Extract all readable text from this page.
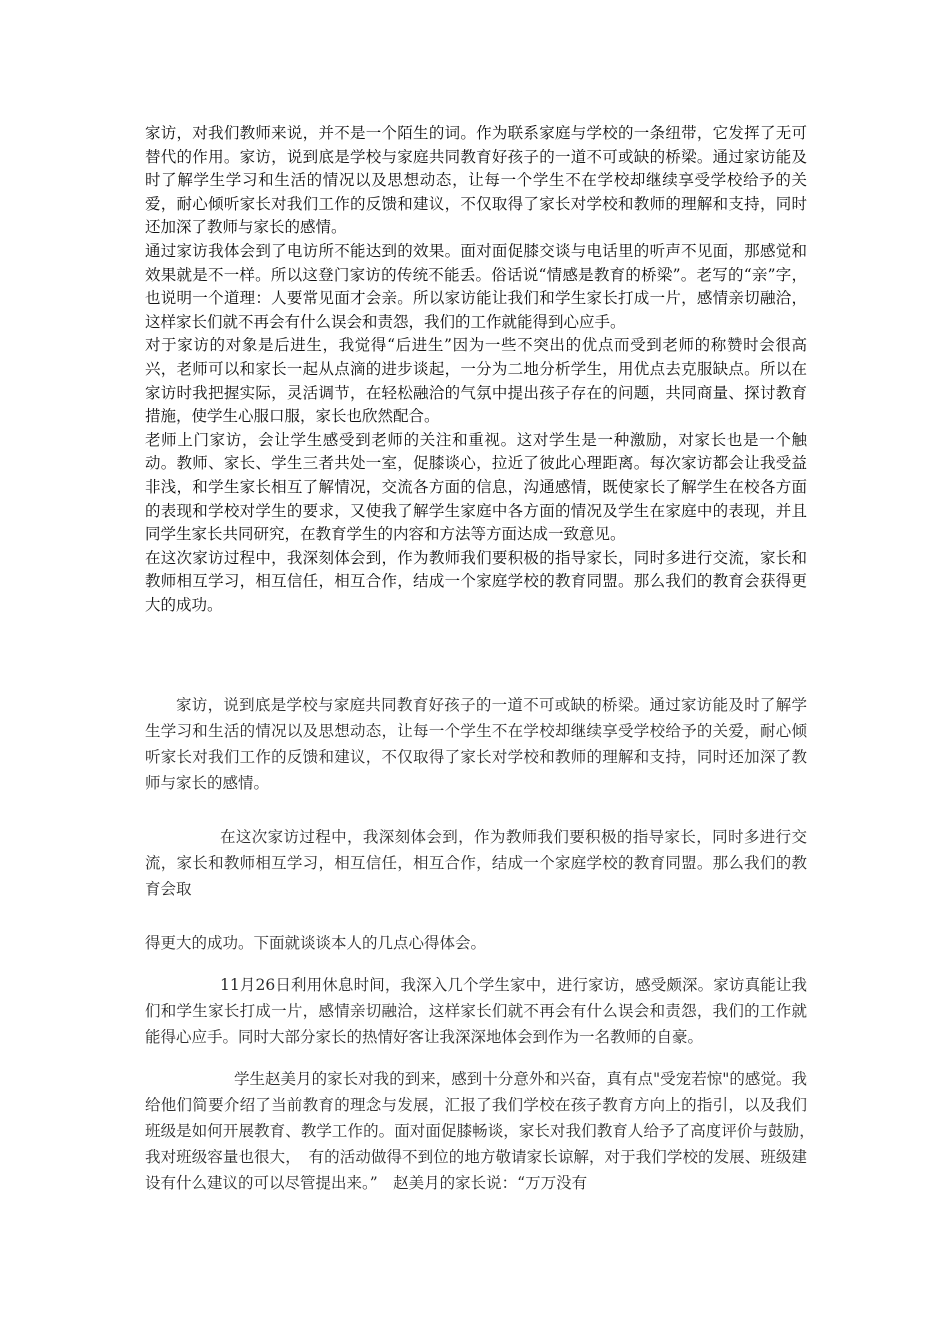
家访，对我们教师来说，并不是一个陌生的词。作为联系家庭与学校的一条纽带，它发挥了无可替代的作用。家访，说到底是学校与家庭共同教育好孩子的一道不可或缺的桥梁。通过家访能及时了解学生学习和生活的情况以及思想动态，让每一个学生不在学校却继续享受学校给予的关爱，耐心倾听家长对我们工作的反馈和建议，不仅取得了家长对学校和教师的理解和支持，同时还加深了教师与家长的感情。

通过家访我体会到了电访所不能达到的效果。面对面促膝交谈与电话里的听声不见面，那感觉和效果就是不一样。所以这登门家访的传统不能丢。俗话说“情感是教育的桥梁”。老写的“亲”字，也说明一个道理：人要常见面才会亲。所以家访能让我们和学生家长打成一片，感情亲切融洽，这样家长们就不再会有什么误会和责怨，我们的工作就能得到心应手。

对于家访的对象是后进生，我觉得“后进生”因为一些不突出的优点而受到老师的称赞时会很高兴，老师可以和家长一起从点滴的进步谈起，一分为二地分析学生，用优点去克服缺点。所以在家访时我把握实际，灵活调节，在轻松融洽的气氛中提出孩子存在的问题，共同商量、探讨教育措施，使学生心服口服，家长也欣然配合。

老师上门家访，会让学生感受到老师的关注和重视。这对学生是一种激励，对家长也是一个触动。教师、家长、学生三者共处一室，促膝谈心，拉近了彼此心理距离。每次家访都会让我受益非浅，和学生家长相互了解情况，交流各方面的信息，沟通感情，既使家长了解学生在校各方面的表现和学校对学生的要求，又使我了解学生家庭中各方面的情况及学生在家庭中的表现，并且同学生家长共同研究，在教育学生的内容和方法等方面达成一致意见。

在这次家访过程中，我深刻体会到，作为教师我们要积极的指导家长，同时多进行交流，家长和教师相互学习，相互信任，相互合作，结成一个家庭学校的教育同盟。那么我们的教育会获得更大的成功。

家访，说到底是学校与家庭共同教育好孩子的一道不可或缺的桥梁。通过家访能及时了解学生学习和生活的情况以及思想动态，让每一个学生不在学校却继续享受学校给予的关爱，耐心倾听家长对我们工作的反馈和建议，不仅取得了家长对学校和教师的理解和支持，同时还加深了教师与家长的感情。

在这次家访过程中，我深刻体会到，作为教师我们要积极的指导家长，同时多进行交流，家长和教师相互学习，相互信任，相互合作，结成一个家庭学校的教育同盟。那么我们的教育会取

得更大的成功。下面就谈谈本人的几点心得体会。

11月26日利用休息时间，我深入几个学生家中，进行家访，感受颇深。家访真能让我们和学生家长打成一片，感情亲切融洽，这样家长们就不再会有什么误会和责怨，我们的工作就能得心应手。同时大部分家长的热情好客让我深深地体会到作为一名教师的自豪。

学生赵美月的家长对我的到来，感到十分意外和兴奋，真有点"受宠若惊"的感觉。我给他们简要介绍了当前教育的理念与发展，汇报了我们学校在孩子教育方向上的指引，以及我们班级是如何开展教育、教学工作的。面对面促膝畅谈，家长对我们教育人给予了高度评价与鼓励，　　我对班级容量也很大，　有的活动做得不到位的地方敬请家长谅解，对于我们学校的发展、班级建设有什么建议的可以尽管提出来。”　赵美月的家长说：“万万没有
